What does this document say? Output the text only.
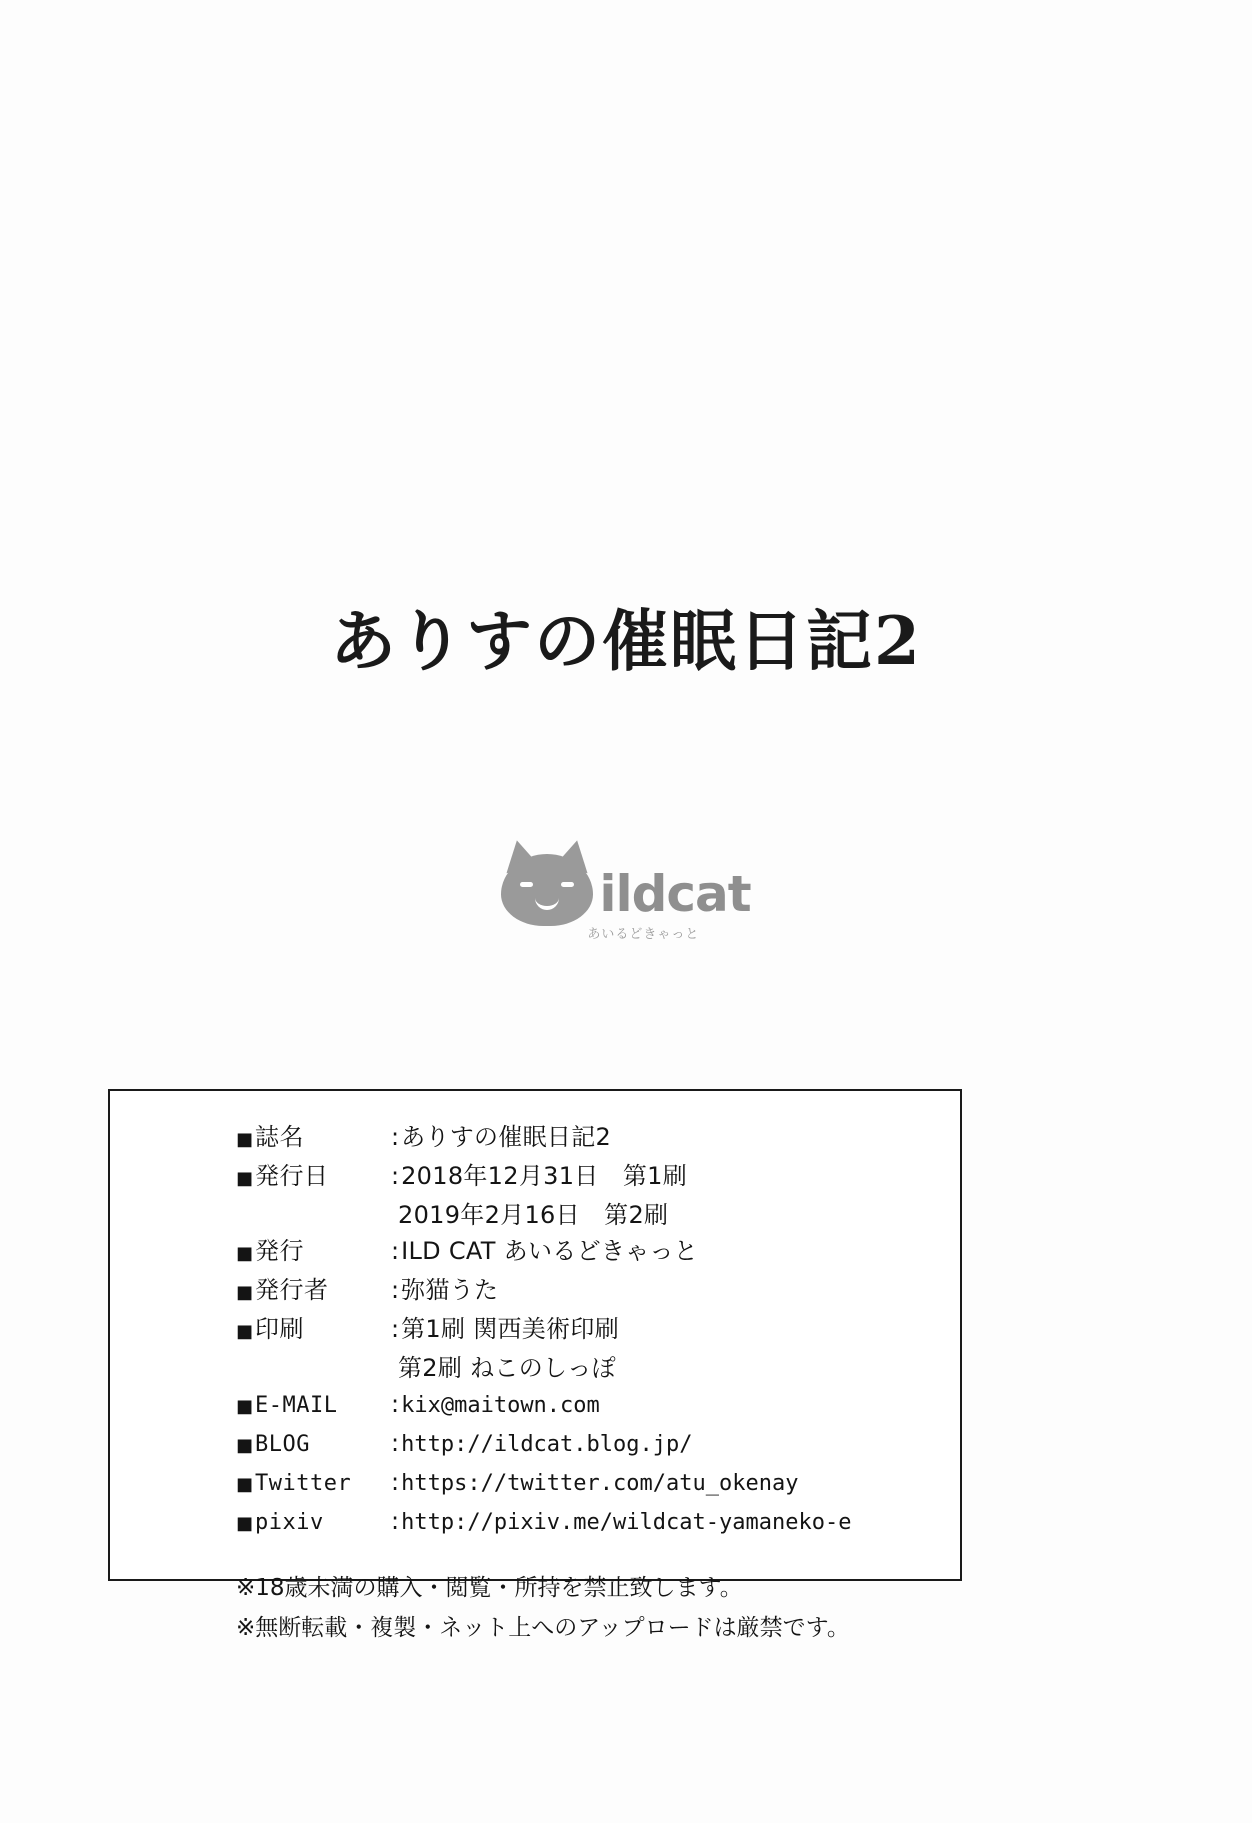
ありすの催眠日記2
ildcat
あいるどきゃっと
■ 誌名	: ありすの催眠日記2
■ 発行日	: 2018年12月31日　第1刷
2019年2月16日　第2刷
■ 発行	: ILD CAT あいるどきゃっと
■ 発行者	: 弥猫うた
■ 印刷	: 第1刷 関西美術印刷
第2刷 ねこのしっぽ
■ E-MAIL	: kix@maitown.com
■ BLOG	: http://ildcat.blog.jp/
■ Twitter	: https://twitter.com/atu_okenay
■ pixiv	: http://pixiv.me/wildcat-yamaneko-e
※18歳未満の購入・閲覧・所持を禁止致します。
※無断転載・複製・ネット上へのアップロードは厳禁です。
